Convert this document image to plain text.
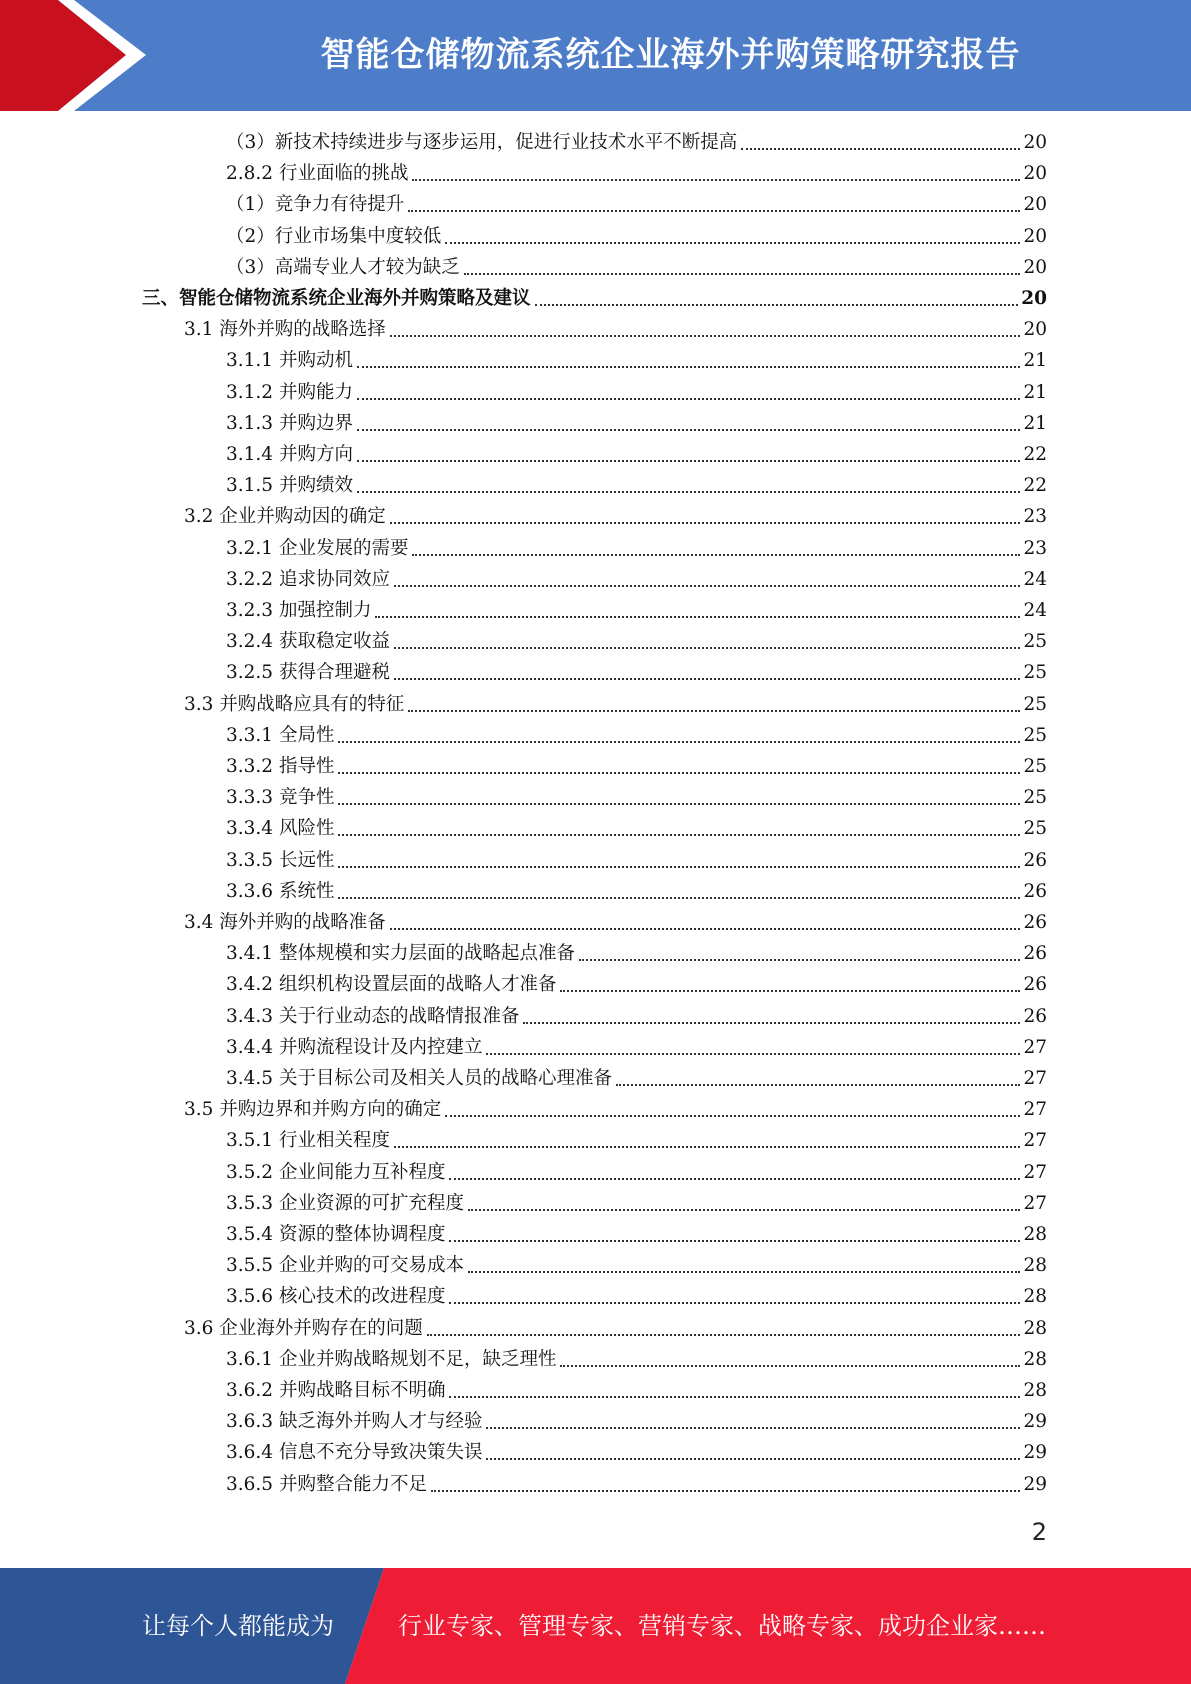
智能仓储物流系统企业海外并购策略研究报告
（3）新技术持续进步与逐步运用，促进行业技术水平不断提高	20
2.8.2 行业面临的挑战	20
（1）竞争力有待提升	20
（2）行业市场集中度较低	20
（3）高端专业人才较为缺乏	20
三、智能仓储物流系统企业海外并购策略及建议	20
3.1 海外并购的战略选择	20
3.1.1 并购动机	21
3.1.2 并购能力	21
3.1.3 并购边界	21
3.1.4 并购方向	22
3.1.5 并购绩效	22
3.2 企业并购动因的确定	23
3.2.1 企业发展的需要	23
3.2.2 追求协同效应	24
3.2.3 加强控制力	24
3.2.4 获取稳定收益	25
3.2.5 获得合理避税	25
3.3 并购战略应具有的特征	25
3.3.1 全局性	25
3.3.2 指导性	25
3.3.3 竞争性	25
3.3.4 风险性	25
3.3.5 长远性	26
3.3.6 系统性	26
3.4 海外并购的战略准备	26
3.4.1 整体规模和实力层面的战略起点准备	26
3.4.2 组织机构设置层面的战略人才准备	26
3.4.3 关于行业动态的战略情报准备	26
3.4.4 并购流程设计及内控建立	27
3.4.5 关于目标公司及相关人员的战略心理准备	27
3.5 并购边界和并购方向的确定	27
3.5.1 行业相关程度	27
3.5.2 企业间能力互补程度	27
3.5.3 企业资源的可扩充程度	27
3.5.4 资源的整体协调程度	28
3.5.5 企业并购的可交易成本	28
3.5.6 核心技术的改进程度	28
3.6 企业海外并购存在的问题	28
3.6.1 企业并购战略规划不足，缺乏理性	28
3.6.2 并购战略目标不明确	28
3.6.3 缺乏海外并购人才与经验	29
3.6.4 信息不充分导致决策失误	29
3.6.5 并购整合能力不足	29
2
让每个人都能成为	行业专家、管理专家、营销专家、战略专家、成功企业家……
